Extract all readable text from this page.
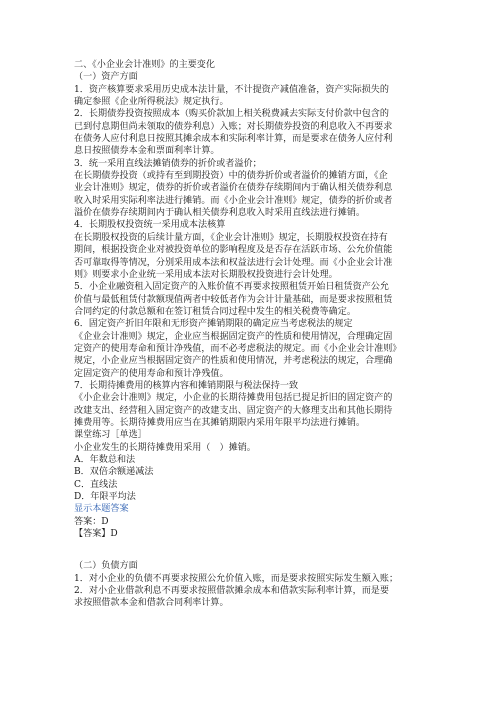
二、《小企业会计准则》的主要变化
（一）资产方面
1．资产核算要求采用历史成本法计量，不计提资产减值准备，资产实际损失的
确定参照《企业所得税法》规定执行。
2．长期债券投资按照成本（购买价款加上相关税费减去实际支付价款中包含的
已到付息期但尚未领取的债券利息）入账；对长期债券投资的利息收入不再要求
在债务人应付利息日按照其摊余成本和实际利率计算，而是要求在债务人应付利
息日按照债券本金和票面利率计算。
3．统一采用直线法摊销债券的折价或者溢价；
在长期债券投资（或持有至到期投资）中的债券折价或者溢价的摊销方面，《企
业会计准则》规定，债券的折价或者溢价在债券存续期间内于确认相关债券利息
收入时采用实际利率法进行摊销。而《小企业会计准则》规定，债券的折价或者
溢价在债券存续期间内于确认相关债券利息收入时采用直线法进行摊销。
4．长期股权投资统一采用成本法核算
在长期股权投资的后续计量方面，《企业会计准则》规定，长期股权投资在持有
期间，根据投资企业对被投资单位的影响程度及是否存在活跃市场、公允价值能
否可靠取得等情况，分别采用成本法和权益法进行会计处理。而《小企业会计准
则》则要求小企业统一采用成本法对长期股权投资进行会计处理。
5．小企业融资租入固定资产的入账价值不再要求按照租赁开始日租赁资产公允
价值与最低租赁付款额现值两者中较低者作为会计计量基础，而是要求按照租赁
合同约定的付款总额和在签订租赁合同过程中发生的相关税费等确定。
6．固定资产折旧年限和无形资产摊销期限的确定应当考虑税法的规定
《企业会计准则》规定，企业应当根据固定资产的性质和使用情况，合理确定固
定资产的使用寿命和预计净残值，而不必考虑税法的规定。而《小企业会计准则》
规定，小企业应当根据固定资产的性质和使用情况，并考虑税法的规定，合理确
定固定资产的使用寿命和预计净残值。
7．长期待摊费用的核算内容和摊销期限与税法保持一致
《小企业会计准则》规定，小企业的长期待摊费用包括已提足折旧的固定资产的
改建支出、经营租入固定资产的改建支出、固定资产的大修理支出和其他长期待
摊费用等。长期待摊费用应当在其摊销期限内采用年限平均法进行摊销。
课堂练习［单选］
小企业发生的长期待摊费用采用（　）摊销。
A．年数总和法
B．双倍余额递减法
C．直线法
D．年限平均法
显示本题答案
答案：D
【答案】D
（二）负债方面
1．对小企业的负债不再要求按照公允价值入账，而是要求按照实际发生额入账；
2．对小企业借款利息不再要求按照借款摊余成本和借款实际利率计算，而是要
求按照借款本金和借款合同利率计算。
